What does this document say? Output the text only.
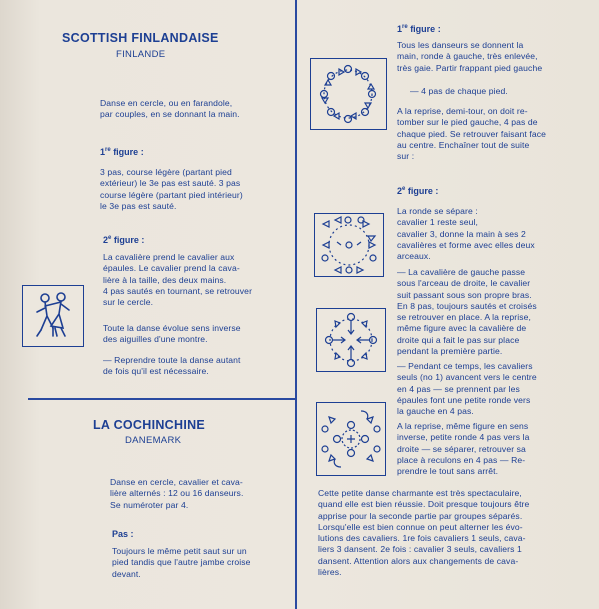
SCOTTISH FINLANDAISE
FINLANDE
Danse en cercle, ou en farandole,
par couples, en se donnant la main.
1re figure :
3 pas, course légère (partant pied
extérieur) le 3e pas est sauté. 3 pas
course légère (partant pied intérieur)
le 3e pas est sauté.
2e figure :
La cavalière prend le cavalier aux
épaules. Le cavalier prend la cava-
lière à la taille, des deux mains.
4 pas sautés en tournant, se retrouver
sur le cercle.
Toute la danse évolue sens inverse
des aiguilles d'une montre.
— Reprendre toute la danse autant
de fois qu'il est nécessaire.
LA COCHINCHINE
DANEMARK
Danse en cercle, cavalier et cava-
lière alternés : 12 ou 16 danseurs.
Se numéroter par 4.
Pas :
Toujours le même petit saut sur un
pied tandis que l'autre jambe croise
devant.
1re figure :
Tous les danseurs se donnent la
main, ronde à gauche, très enlevée,
très gaie. Partir frappant pied gauche
— 4 pas de chaque pied.
A la reprise, demi-tour, on doit re-
tomber sur le pied gauche, 4 pas de
chaque pied. Se retrouver faisant face
au centre. Enchaîner tout de suite
sur :
2e figure :
La ronde se sépare :
cavalier 1 reste seul,
cavalier 3, donne la main à ses 2
cavalières et forme avec elles deux
arceaux.
— La cavalière de gauche passe
sous l'arceau de droite, le cavalier
suit passant sous son propre bras.
En 8 pas, toujours sautés et croisés
se retrouver en place. A la reprise,
même figure avec la cavalière de
droite qui a fait le pas sur place
pendant la première partie.
— Pendant ce temps, les cavaliers
seuls (no 1) avancent vers le centre
en 4 pas — se prennent par les
épaules font une petite ronde vers
la gauche en 4 pas.
A la reprise, même figure en sens
inverse, petite ronde 4 pas vers la
droite — se séparer, retrouver sa
place à reculons en 4 pas — Re-
prendre le tout sans arrêt.
Cette petite danse charmante est très spectaculaire,
quand elle est bien réussie. Doit presque toujours être
apprise pour la seconde partie par groupes séparés.
Lorsqu'elle est bien connue on peut alterner les évo-
lutions des cavaliers. 1re fois cavaliers 1 seuls, cava-
liers 3 dansent. 2e fois : cavalier 3 seuls, cavaliers 1
dansent. Attention alors aux changements de cava-
lières.
